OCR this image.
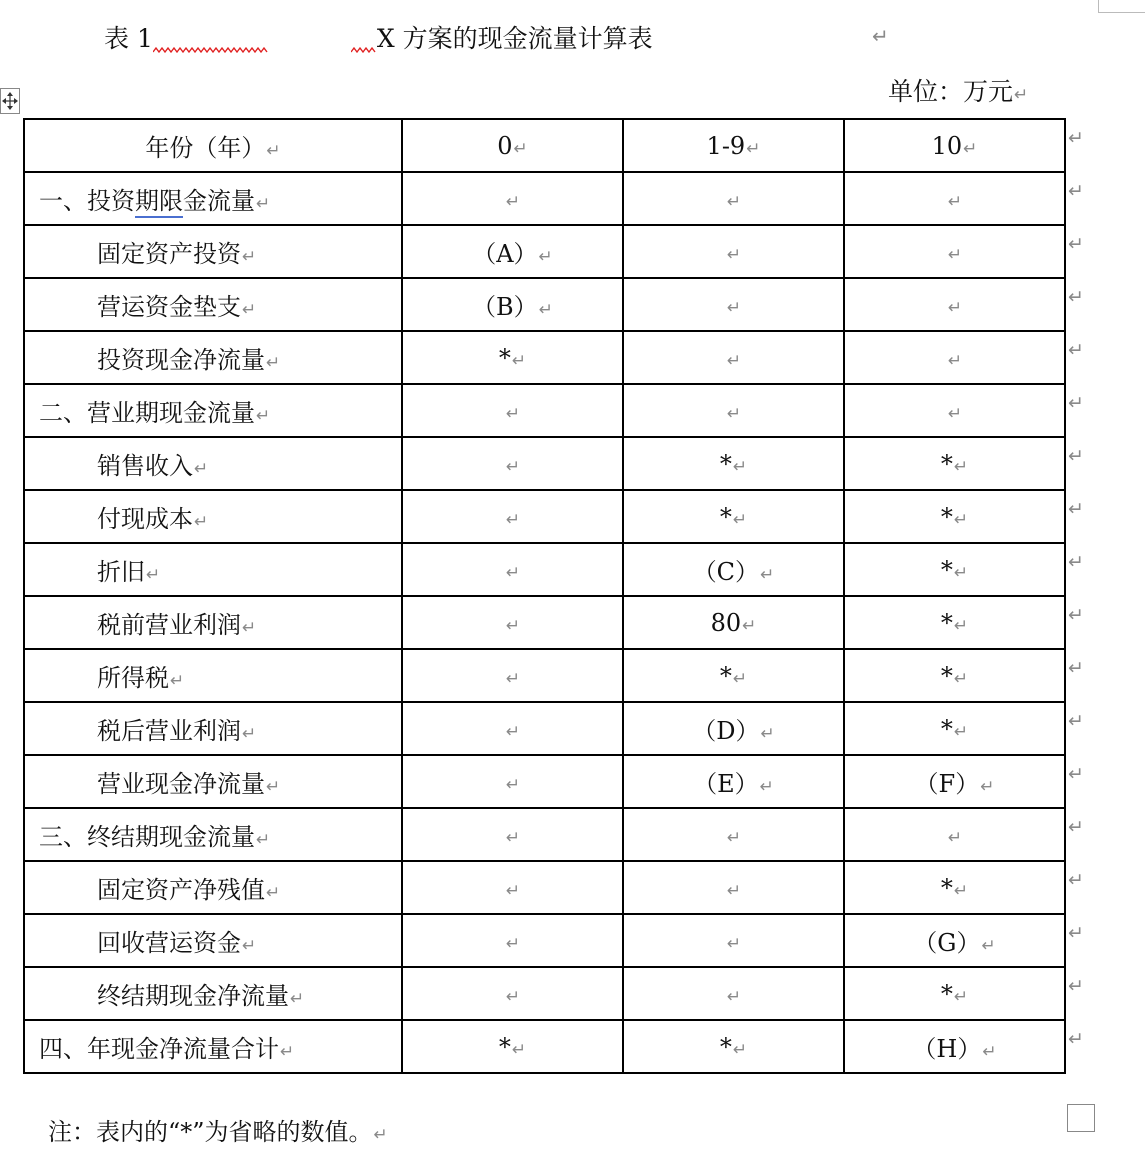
表 1	X 方案的现金流量计算表	↵
单位：万元↵
年份（年）↵	0↵	1-9↵	10↵
一、投资期限金流量↵	↵	↵	↵
固定资产投资↵	（A）↵	↵	↵
营运资金垫支↵	（B）↵	↵	↵
投资现金净流量↵	*↵	↵	↵
二、营业期现金流量↵	↵	↵	↵
销售收入↵	↵	*↵	*↵
付现成本↵	↵	*↵	*↵
折旧↵	↵	（C）↵	*↵
税前营业利润↵	↵	80↵	*↵
所得税↵	↵	*↵	*↵
税后营业利润↵	↵	（D）↵	*↵
营业现金净流量↵	↵	（E）↵	（F）↵
三、终结期现金流量↵	↵	↵	↵
固定资产净残值↵	↵	↵	*↵
回收营运资金↵	↵	↵	（G）↵
终结期现金净流量↵	↵	↵	*↵
四、年现金净流量合计↵	*↵	*↵	（H）↵
↵
↵
↵
↵
↵
↵
↵
↵
↵
↵
↵
↵
↵
↵
↵
↵
↵
↵
注：表内的“*”为省略的数值。↵
